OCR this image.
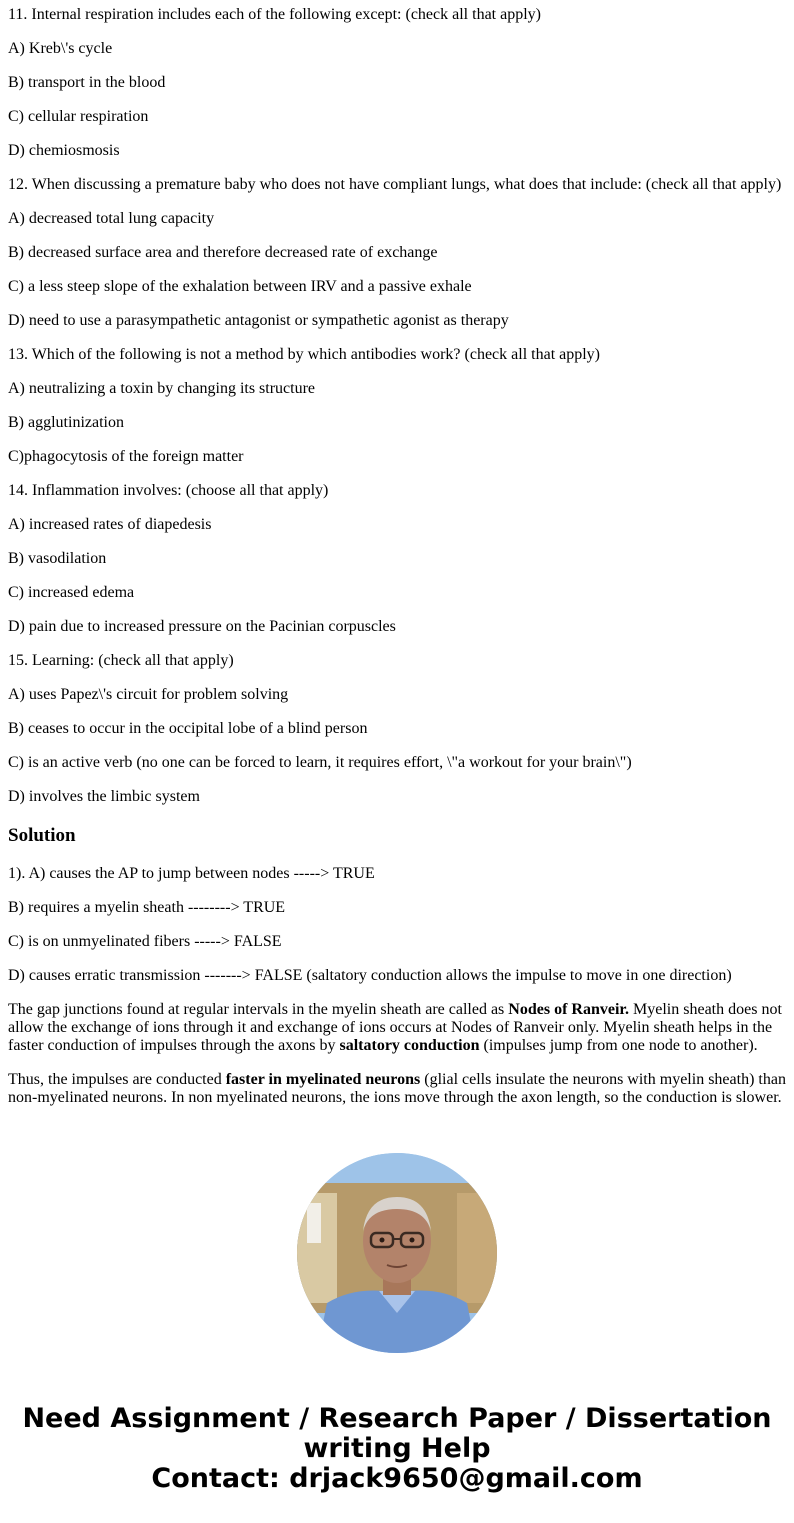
11. Internal respiration includes each of the following except: (check all that apply)
A) Kreb\'s cycle
B) transport in the blood
C) cellular respiration
D) chemiosmosis
12. When discussing a premature baby who does not have compliant lungs, what does that include: (check all that apply)
A) decreased total lung capacity
B) decreased surface area and therefore decreased rate of exchange
C) a less steep slope of the exhalation between IRV and a passive exhale
D) need to use a parasympathetic antagonist or sympathetic agonist as therapy
13. Which of the following is not a method by which antibodies work? (check all that apply)
A) neutralizing a toxin by changing its structure
B) agglutinization
C)phagocytosis of the foreign matter
14. Inflammation involves: (choose all that apply)
A) increased rates of diapedesis
B) vasodilation
C) increased edema
D) pain due to increased pressure on the Pacinian corpuscles
15. Learning: (check all that apply)
A) uses Papez\'s circuit for problem solving
B) ceases to occur in the occipital lobe of a blind person
C) is an active verb (no one can be forced to learn, it requires effort, \"a workout for your brain\")
D) involves the limbic system
Solution
1). A) causes the AP to jump between nodes -----> TRUE
B) requires a myelin sheath --------> TRUE
C) is on unmyelinated fibers -----> FALSE
D) causes erratic transmission -------> FALSE (saltatory conduction allows the impulse to move in one direction)
The gap junctions found at regular intervals in the myelin sheath are called as Nodes of Ranveir. Myelin sheath does not allow the exchange of ions through it and exchange of ions occurs at Nodes of Ranveir only. Myelin sheath helps in the faster conduction of impulses through the axons by saltatory conduction (impulses jump from one node to another).
Thus, the impulses are conducted faster in myelinated neurons (glial cells insulate the neurons with myelin sheath) than non-myelinated neurons. In non myelinated neurons, the ions move through the axon length, so the conduction is slower.
Need Assignment / Research Paper / Dissertation
writing Help
Contact: drjack9650@gmail.com
